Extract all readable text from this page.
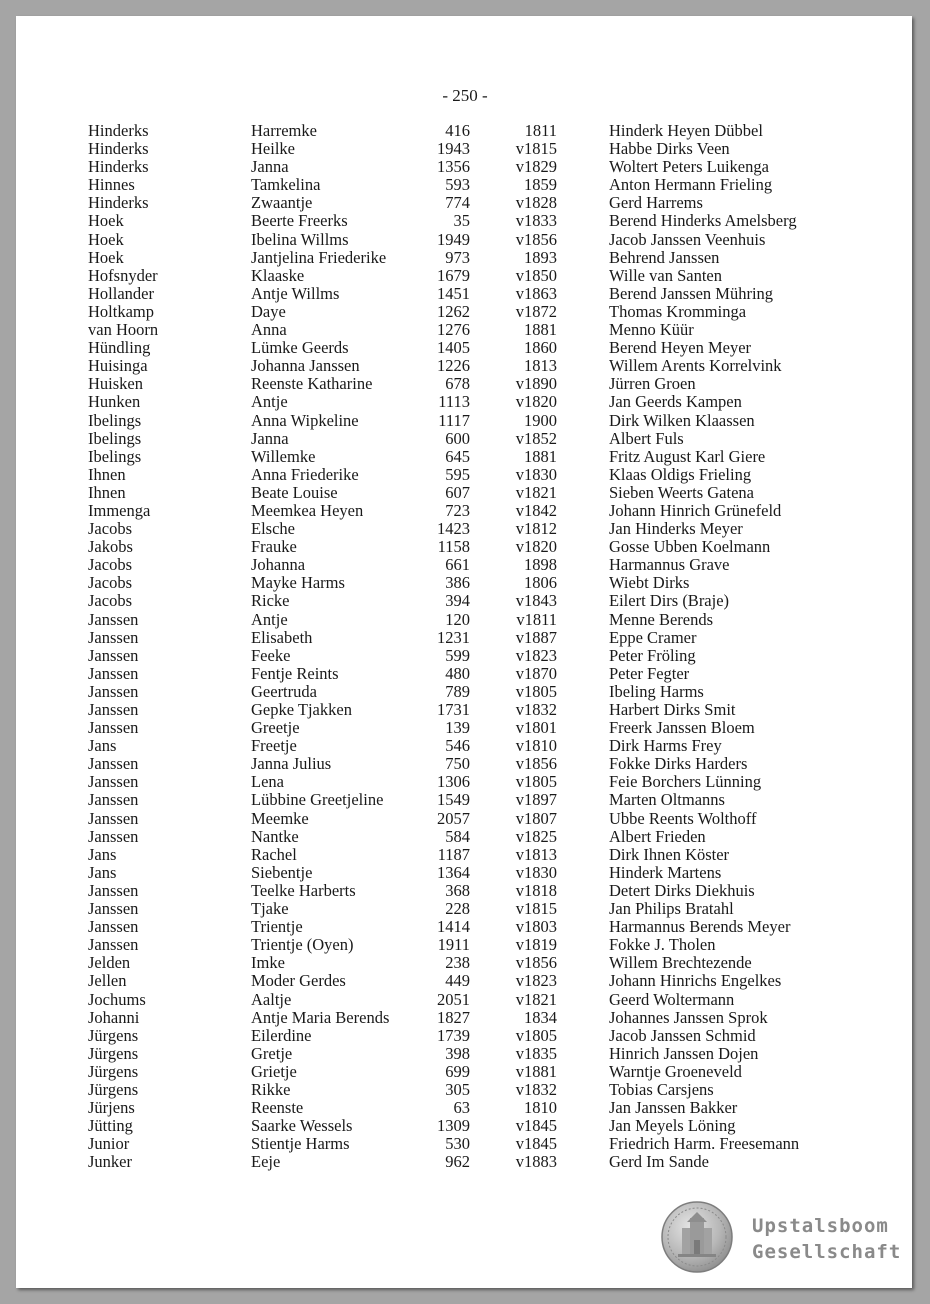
- 250 -
Hinderks	Harremke	416	1811	Hinderk Heyen Dübbel
Hinderks	Heilke	1943	v1815	Habbe Dirks Veen
Hinderks	Janna	1356	v1829	Woltert Peters Luikenga
Hinnes	Tamkelina	593	1859	Anton Hermann Frieling
Hinderks	Zwaantje	774	v1828	Gerd Harrems
Hoek	Beerte Freerks	35	v1833	Berend Hinderks Amelsberg
Hoek	Ibelina Willms	1949	v1856	Jacob Janssen Veenhuis
Hoek	Jantjelina Friederike	973	1893	Behrend Janssen
Hofsnyder	Klaaske	1679	v1850	Wille van Santen
Hollander	Antje Willms	1451	v1863	Berend Janssen Mühring
Holtkamp	Daye	1262	v1872	Thomas Kromminga
van Hoorn	Anna	1276	1881	Menno Küür
Hündling	Lümke Geerds	1405	1860	Berend Heyen Meyer
Huisinga	Johanna Janssen	1226	1813	Willem Arents Korrelvink
Huisken	Reenste Katharine	678	v1890	Jürren Groen
Hunken	Antje	1113	v1820	Jan Geerds Kampen
Ibelings	Anna Wipkeline	1117	1900	Dirk Wilken Klaassen
Ibelings	Janna	600	v1852	Albert Fuls
Ibelings	Willemke	645	1881	Fritz August Karl Giere
Ihnen	Anna Friederike	595	v1830	Klaas Oldigs Frieling
Ihnen	Beate Louise	607	v1821	Sieben Weerts Gatena
Immenga	Meemkea Heyen	723	v1842	Johann Hinrich Grünefeld
Jacobs	Elsche	1423	v1812	Jan Hinderks Meyer
Jakobs	Frauke	1158	v1820	Gosse Ubben Koelmann
Jacobs	Johanna	661	1898	Harmannus Grave
Jacobs	Mayke Harms	386	1806	Wiebt Dirks
Jacobs	Ricke	394	v1843	Eilert Dirs (Braje)
Janssen	Antje	120	v1811	Menne Berends
Janssen	Elisabeth	1231	v1887	Eppe Cramer
Janssen	Feeke	599	v1823	Peter Fröling
Janssen	Fentje Reints	480	v1870	Peter Fegter
Janssen	Geertruda	789	v1805	Ibeling Harms
Janssen	Gepke Tjakken	1731	v1832	Harbert Dirks Smit
Janssen	Greetje	139	v1801	Freerk Janssen Bloem
Jans	Freetje	546	v1810	Dirk Harms Frey
Janssen	Janna Julius	750	v1856	Fokke Dirks Harders
Janssen	Lena	1306	v1805	Feie Borchers Lünning
Janssen	Lübbine Greetjeline	1549	v1897	Marten Oltmanns
Janssen	Meemke	2057	v1807	Ubbe Reents Wolthoff
Janssen	Nantke	584	v1825	Albert Frieden
Jans	Rachel	1187	v1813	Dirk Ihnen Köster
Jans	Siebentje	1364	v1830	Hinderk Martens
Janssen	Teelke Harberts	368	v1818	Detert Dirks Diekhuis
Janssen	Tjake	228	v1815	Jan Philips Bratahl
Janssen	Trientje	1414	v1803	Harmannus Berends Meyer
Janssen	Trientje (Oyen)	1911	v1819	Fokke J. Tholen
Jelden	Imke	238	v1856	Willem Brechtezende
Jellen	Moder Gerdes	449	v1823	Johann Hinrichs Engelkes
Jochums	Aaltje	2051	v1821	Geerd Woltermann
Johanni	Antje Maria Berends	1827	1834	Johannes Janssen Sprok
Jürgens	Eilerdine	1739	v1805	Jacob Janssen Schmid
Jürgens	Gretje	398	v1835	Hinrich Janssen Dojen
Jürgens	Grietje	699	v1881	Warntje Groeneveld
Jürgens	Rikke	305	v1832	Tobias Carsjens
Jürjens	Reenste	63	1810	Jan Janssen Bakker
Jütting	Saarke Wessels	1309	v1845	Jan Meyels Löning
Junior	Stientje Harms	530	v1845	Friedrich Harm. Freesemann
Junker	Eeje	962	v1883	Gerd Im Sande
Upstalsboom
Gesellschaft
